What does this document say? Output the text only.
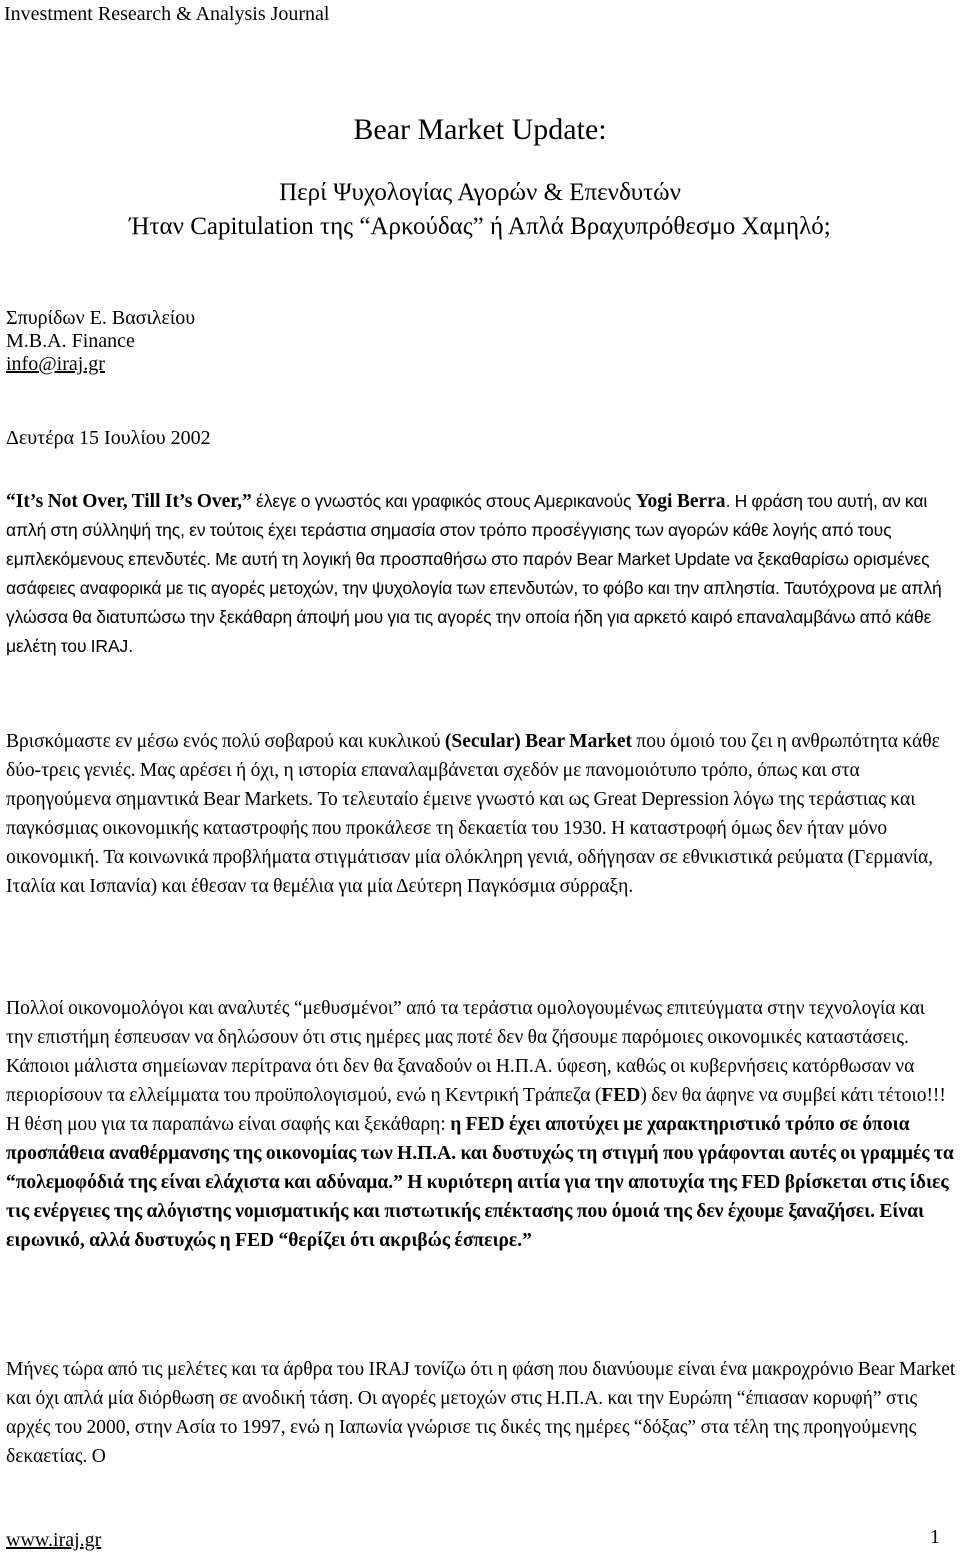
Investment Research & Analysis Journal
Bear Market Update:
Περί Ψυχολογίας Αγορών & Επενδυτών
Ήταν Capitulation της “Αρκούδας” ή Απλά Βραχυπρόθεσμο Χαμηλό;
Σπυρίδων Ε. Βασιλείου
M.B.A. Finance
info@iraj.gr
Δευτέρα 15 Ιουλίου 2002
“It’s Not Over, Till It’s Over,” έλεγε ο γνωστός και γραφικός στους Αμερικανούς Yogi Berra. Η φράση του αυτή, αν και απλή στη σύλληψή της, εν τούτοις έχει τεράστια σημασία στον τρόπο προσέγγισης των αγορών κάθε λογής από τους εμπλεκόμενους επενδυτές. Με αυτή τη λογική θα προσπαθήσω στο παρόν Bear Market Update να ξεκαθαρίσω ορισμένες ασάφειες αναφορικά με τις αγορές μετοχών, την ψυχολογία των επενδυτών, το φόβο και την απληστία. Ταυτόχρονα με απλή γλώσσα θα διατυπώσω την ξεκάθαρη άποψή μου για τις αγορές την οποία ήδη για αρκετό καιρό επαναλαμβάνω από κάθε μελέτη του IRAJ.
Βρισκόμαστε εν μέσω ενός πολύ σοβαρού και κυκλικού (Secular) Bear Market που όμοιό του ζει η ανθρωπότητα κάθε δύο-τρεις γενιές. Μας αρέσει ή όχι, η ιστορία επαναλαμβάνεται σχεδόν με πανομοιότυπο τρόπο, όπως και στα προηγούμενα σημαντικά Bear Markets. Το τελευταίο έμεινε γνωστό και ως Great Depression λόγω της τεράστιας και παγκόσμιας οικονομικής καταστροφής που προκάλεσε τη δεκαετία του 1930. Η καταστροφή όμως δεν ήταν μόνο οικονομική. Τα κοινωνικά προβλήματα στιγμάτισαν μία ολόκληρη γενιά, οδήγησαν σε εθνικιστικά ρεύματα (Γερμανία, Ιταλία και Ισπανία) και έθεσαν τα θεμέλια για μία Δεύτερη Παγκόσμια σύρραξη.
Πολλοί οικονομολόγοι και αναλυτές “μεθυσμένοι” από τα τεράστια ομολογουμένως επιτεύγματα στην τεχνολογία και την επιστήμη έσπευσαν να δηλώσουν ότι στις ημέρες μας ποτέ δεν θα ζήσουμε παρόμοιες οικονομικές καταστάσεις. Κάποιοι μάλιστα σημείωναν περίτρανα ότι δεν θα ξαναδούν οι Η.Π.Α. ύφεση, καθώς οι κυβερνήσεις κατόρθωσαν να περιορίσουν τα ελλείμματα του προϋπολογισμού, ενώ η Κεντρική Τράπεζα (FED) δεν θα άφηνε να συμβεί κάτι τέτοιο!!! Η θέση μου για τα παραπάνω είναι σαφής και ξεκάθαρη: η FED έχει αποτύχει με χαρακτηριστικό τρόπο σε όποια προσπάθεια αναθέρμανσης της οικονομίας των Η.Π.Α. και δυστυχώς τη στιγμή που γράφονται αυτές οι γραμμές τα “πολεμοφόδιά της είναι ελάχιστα και αδύναμα.” Η κυριότερη αιτία για την αποτυχία της FED βρίσκεται στις ίδιες τις ενέργειες της αλόγιστης νομισματικής και πιστωτικής επέκτασης που όμοιά της δεν έχουμε ξαναζήσει. Είναι ειρωνικό, αλλά δυστυχώς η FED “θερίζει ότι ακριβώς έσπειρε.”
Μήνες τώρα από τις μελέτες και τα άρθρα του IRAJ τονίζω ότι η φάση που διανύουμε είναι ένα μακροχρόνιο Bear Market και όχι απλά μία διόρθωση σε ανοδική τάση. Οι αγορές μετοχών στις Η.Π.Α. και την Ευρώπη “έπιασαν κορυφή” στις αρχές του 2000, στην Ασία το 1997, ενώ η Ιαπωνία γνώρισε τις δικές της ημέρες “δόξας” στα τέλη της προηγούμενης δεκαετίας. Ο
www.iraj.gr	1
